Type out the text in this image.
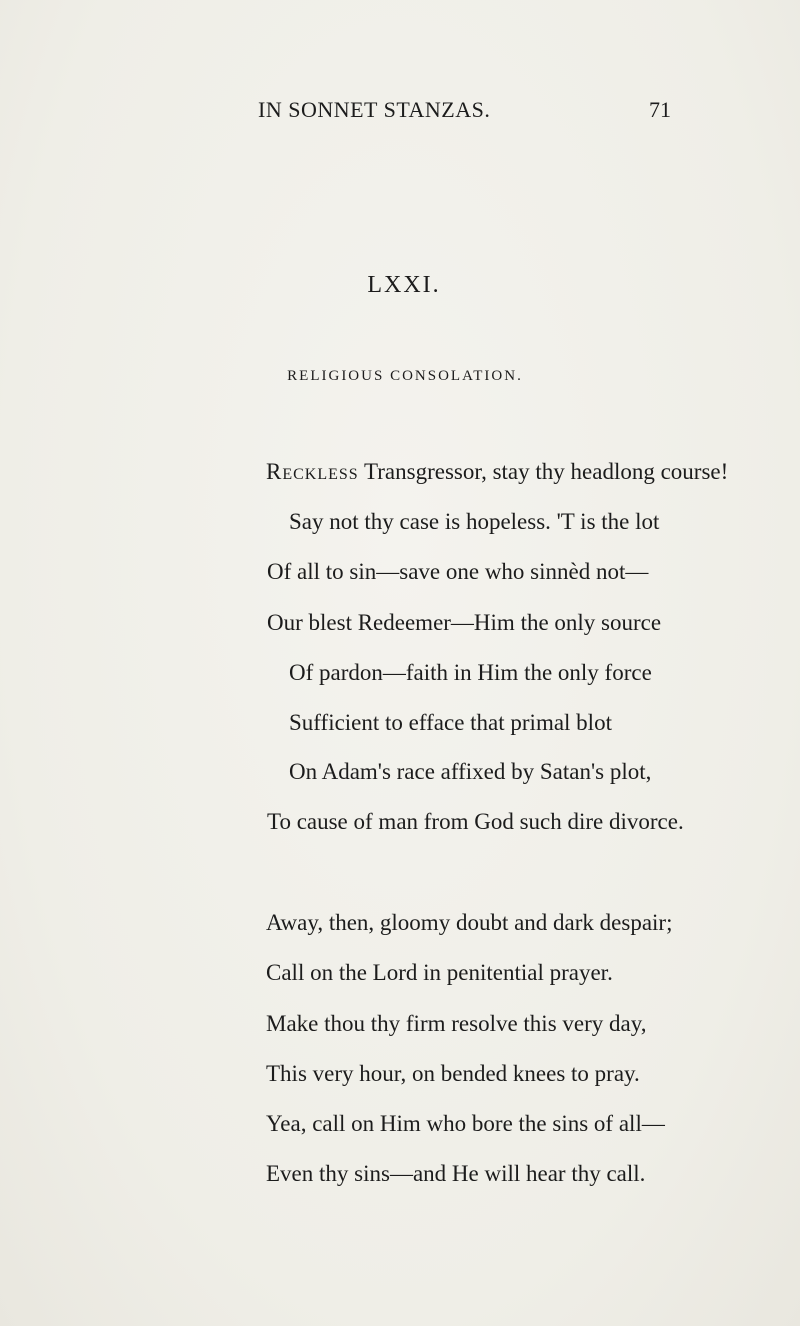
IN SONNET STANZAS.	71
LXXI.
RELIGIOUS CONSOLATION.
Reckless Transgressor, stay thy headlong course!
Say not thy case is hopeless. 'T is the lot
Of all to sin—save one who sinnèd not—
Our blest Redeemer—Him the only source
Of pardon—faith in Him the only force
Sufficient to efface that primal blot
On Adam's race affixed by Satan's plot,
To cause of man from God such dire divorce.
Away, then, gloomy doubt and dark despair;
Call on the Lord in penitential prayer.
Make thou thy firm resolve this very day,
This very hour, on bended knees to pray.
Yea, call on Him who bore the sins of all—
Even thy sins—and He will hear thy call.
